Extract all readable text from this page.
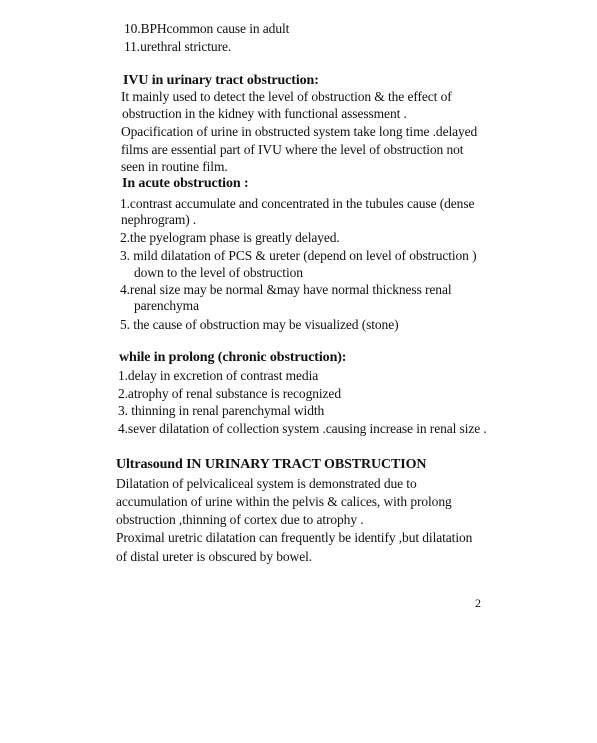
10.BPHcommon cause in adult
11.urethral stricture.
IVU in urinary tract obstruction:
It mainly used to detect the level of obstruction & the effect of
obstruction in the kidney with functional assessment .
Opacification of urine in obstructed system take long time .delayed
films are essential part of IVU where the level of obstruction not
seen in routine film.
In acute obstruction :
1.contrast accumulate and concentrated in the tubules cause (dense
nephrogram) .
2.the pyelogram phase is greatly delayed.
3. mild dilatation of PCS & ureter (depend on level of obstruction )
down to the level of obstruction
4.renal size may be normal &may have normal thickness renal
parenchyma
5. the cause of obstruction may be visualized (stone)
while in prolong (chronic obstruction):
1.delay in excretion of contrast media
2.atrophy of renal substance is recognized
3. thinning in renal parenchymal width
4.sever dilatation of collection system .causing increase in renal size .
Ultrasound IN URINARY TRACT OBSTRUCTION
Dilatation of pelvicaliceal system is demonstrated due to
accumulation of urine within the pelvis & calices, with prolong
obstruction ,thinning of cortex due to atrophy .
Proximal uretric dilatation can frequently be identify ,but dilatation
of distal ureter is obscured by bowel.
2
